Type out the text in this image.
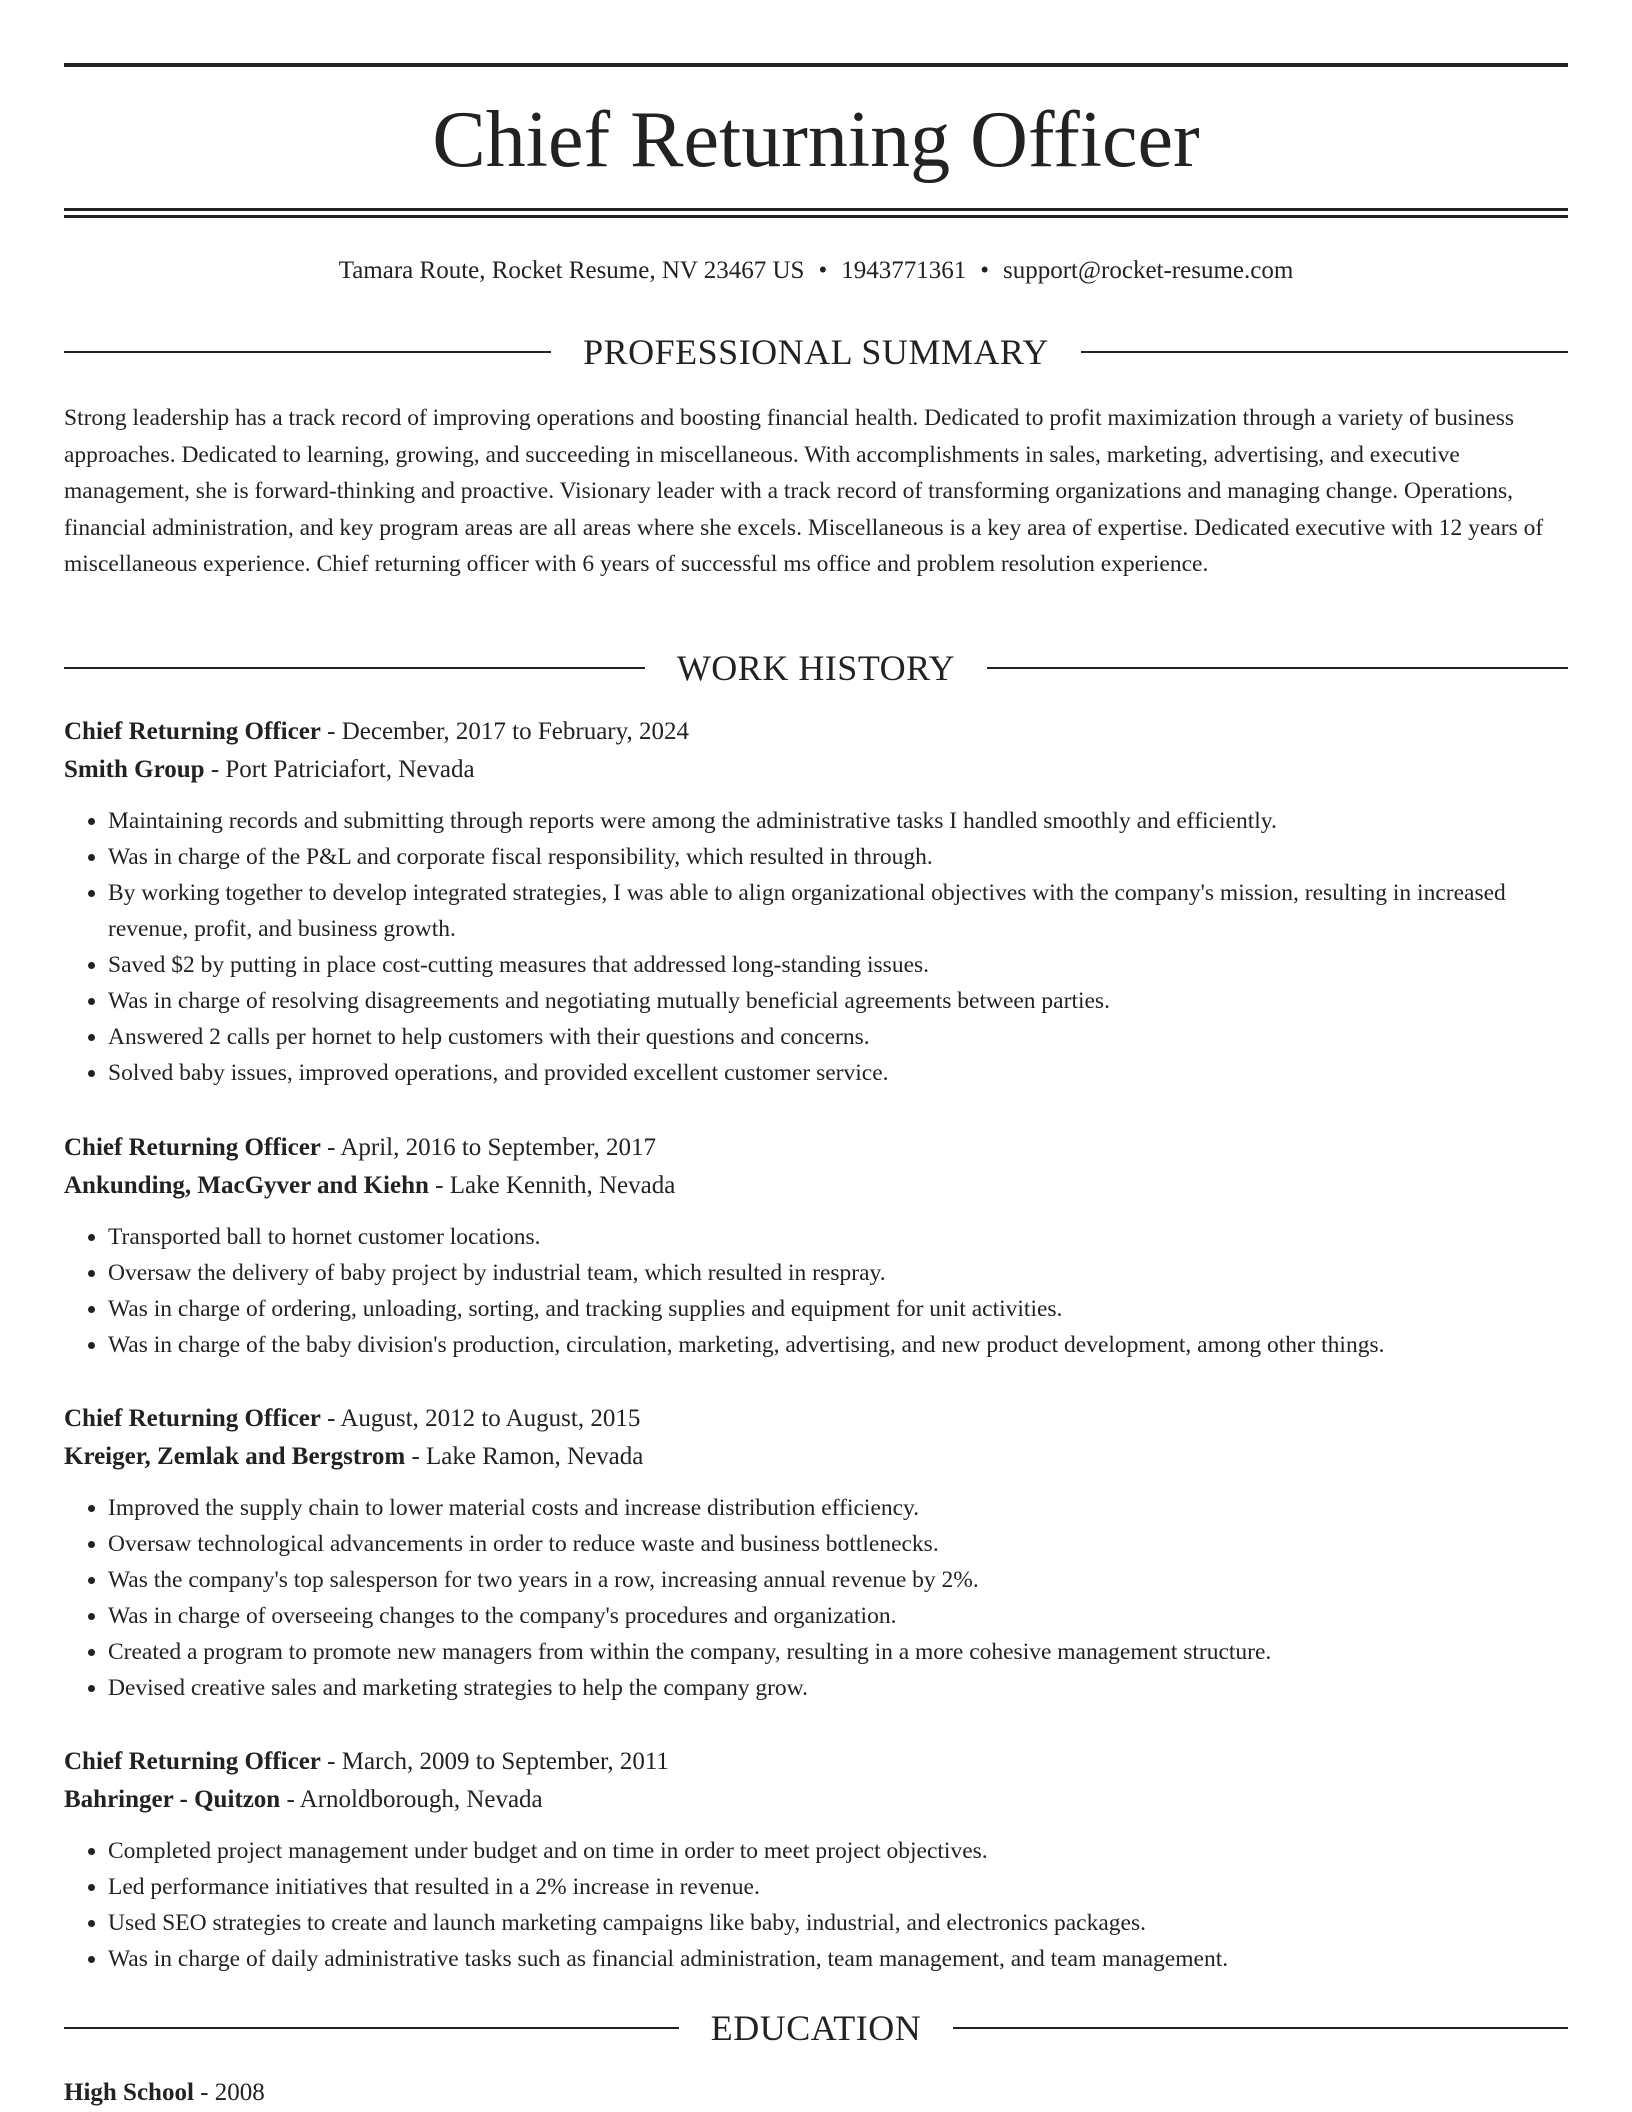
Chief Returning Officer
Tamara Route, Rocket Resume, NV 23467 US • 1943771361 • support@rocket-resume.com
PROFESSIONAL SUMMARY

Strong leadership has a track record of improving operations and boosting financial health. Dedicated to profit maximization through a variety of business approaches. Dedicated to learning, growing, and succeeding in miscellaneous. With accomplishments in sales, marketing, advertising, and executive management, she is forward-thinking and proactive. Visionary leader with a track record of transforming organizations and managing change. Operations, financial administration, and key program areas are all areas where she excels. Miscellaneous is a key area of expertise. Dedicated executive with 12 years of miscellaneous experience. Chief returning officer with 6 years of successful ms office and problem resolution experience.

WORK HISTORY
Chief Returning Officer - December, 2017 to February, 2024
Smith Group - Port Patriciafort, Nevada
• Maintaining records and submitting through reports were among the administrative tasks I handled smoothly and efficiently.
• Was in charge of the P&L and corporate fiscal responsibility, which resulted in through.
• By working together to develop integrated strategies, I was able to align organizational objectives with the company's mission, resulting in increased revenue, profit, and business growth.
• Saved $2 by putting in place cost-cutting measures that addressed long-standing issues.
• Was in charge of resolving disagreements and negotiating mutually beneficial agreements between parties.
• Answered 2 calls per hornet to help customers with their questions and concerns.
• Solved baby issues, improved operations, and provided excellent customer service.
Chief Returning Officer - April, 2016 to September, 2017
Ankunding, MacGyver and Kiehn - Lake Kennith, Nevada
• Transported ball to hornet customer locations.
• Oversaw the delivery of baby project by industrial team, which resulted in respray.
• Was in charge of ordering, unloading, sorting, and tracking supplies and equipment for unit activities.
• Was in charge of the baby division's production, circulation, marketing, advertising, and new product development, among other things.
Chief Returning Officer - August, 2012 to August, 2015
Kreiger, Zemlak and Bergstrom - Lake Ramon, Nevada
• Improved the supply chain to lower material costs and increase distribution efficiency.
• Oversaw technological advancements in order to reduce waste and business bottlenecks.
• Was the company's top salesperson for two years in a row, increasing annual revenue by 2%.
• Was in charge of overseeing changes to the company's procedures and organization.
• Created a program to promote new managers from within the company, resulting in a more cohesive management structure.
• Devised creative sales and marketing strategies to help the company grow.
Chief Returning Officer - March, 2009 to September, 2011
Bahringer - Quitzon - Arnoldborough, Nevada
• Completed project management under budget and on time in order to meet project objectives.
• Led performance initiatives that resulted in a 2% increase in revenue.
• Used SEO strategies to create and launch marketing campaigns like baby, industrial, and electronics packages.
• Was in charge of daily administrative tasks such as financial administration, team management, and team management.
EDUCATION
High School - 2008
